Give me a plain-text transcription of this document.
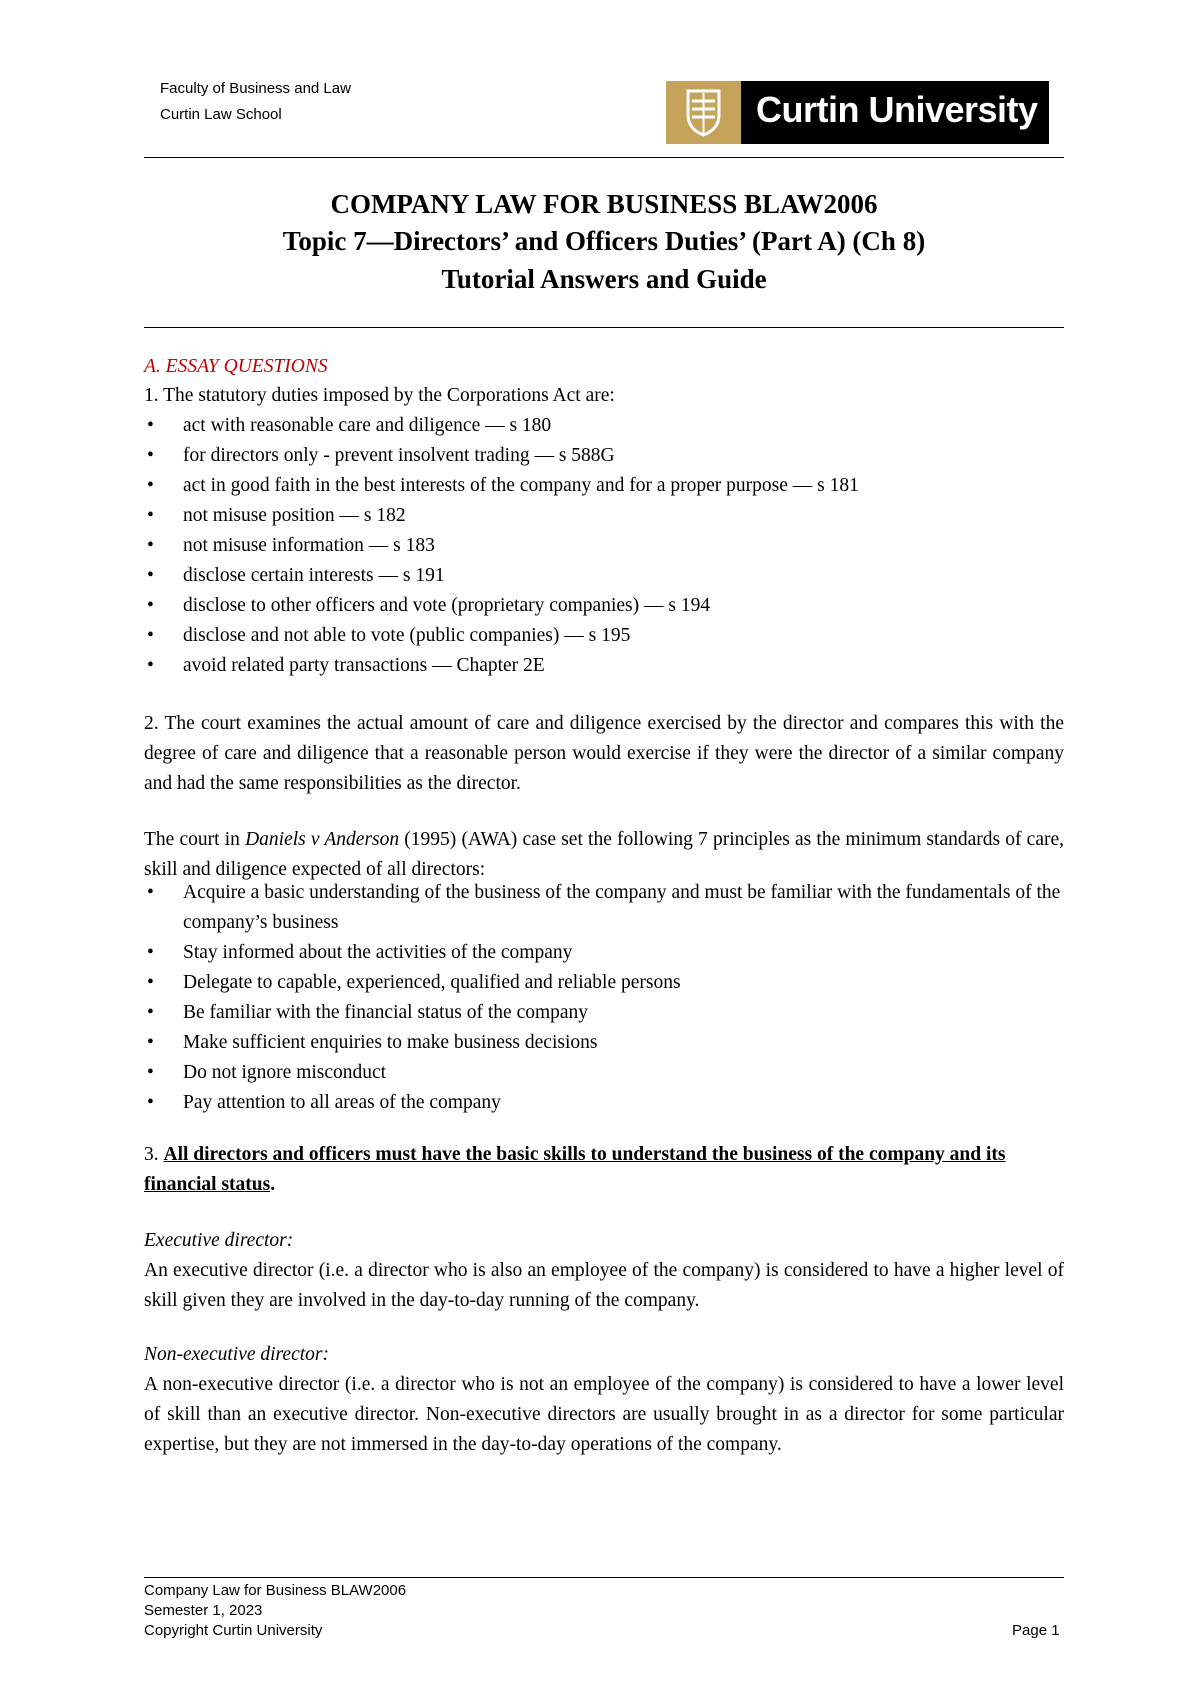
Faculty of Business and Law
Curtin Law School	Curtin University
COMPANY LAW FOR BUSINESS BLAW2006
Topic 7—Directors’ and Officers Duties’ (Part A) (Ch 8)
Tutorial Answers and Guide
A. ESSAY QUESTIONS
1. The statutory duties imposed by the Corporations Act are:
• act with reasonable care and diligence — s 180
• for directors only - prevent insolvent trading — s 588G
• act in good faith in the best interests of the company and for a proper purpose — s 181
• not misuse position — s 182
• not misuse information — s 183
• disclose certain interests — s 191
• disclose to other officers and vote (proprietary companies) — s 194
• disclose and not able to vote (public companies) — s 195
• avoid related party transactions — Chapter 2E
2. The court examines the actual amount of care and diligence exercised by the director and compares this with the degree of care and diligence that a reasonable person would exercise if they were the director of a similar company and had the same responsibilities as the director.
The court in Daniels v Anderson (1995) (AWA) case set the following 7 principles as the minimum standards of care, skill and diligence expected of all directors:
• Acquire a basic understanding of the business of the company and must be familiar with the fundamentals of the company’s business
• Stay informed about the activities of the company
• Delegate to capable, experienced, qualified and reliable persons
• Be familiar with the financial status of the company
• Make sufficient enquiries to make business decisions
• Do not ignore misconduct
• Pay attention to all areas of the company
3. All directors and officers must have the basic skills to understand the business of the company and its financial status.
Executive director:
An executive director (i.e. a director who is also an employee of the company) is considered to have a higher level of skill given they are involved in the day-to-day running of the company.
Non-executive director:
A non-executive director (i.e. a director who is not an employee of the company) is considered to have a lower level of skill than an executive director. Non-executive directors are usually brought in as a director for some particular expertise, but they are not immersed in the day-to-day operations of the company.
Company Law for Business BLAW2006
Semester 1, 2023
Copyright Curtin University	Page 1
